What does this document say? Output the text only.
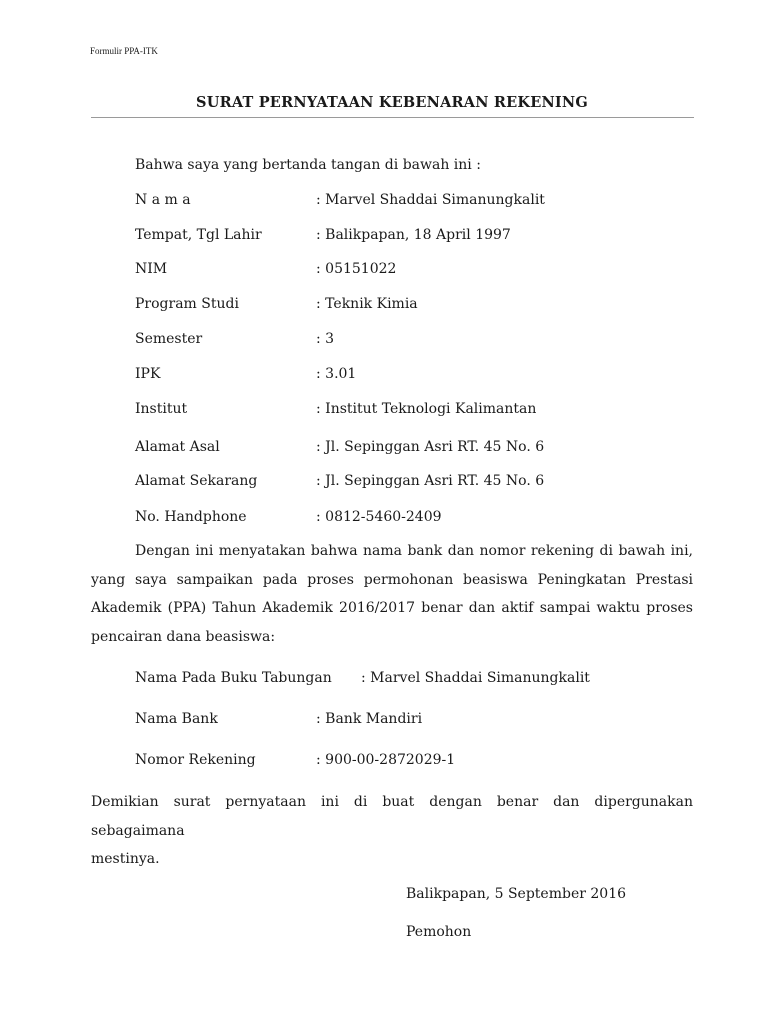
Formulir PPA-ITK
SURAT PERNYATAAN KEBENARAN REKENING
Bahwa saya yang bertanda tangan di bawah ini :
N a m a	: Marvel Shaddai Simanungkalit
Tempat, Tgl Lahir	: Balikpapan, 18 April 1997
NIM	: 05151022
Program Studi	: Teknik Kimia
Semester	: 3
IPK	: 3.01
Institut	: Institut Teknologi Kalimantan
Alamat Asal	: Jl. Sepinggan Asri RT. 45 No. 6
Alamat Sekarang	: Jl. Sepinggan Asri RT. 45 No. 6
No. Handphone	: 0812-5460-2409
Dengan ini menyatakan bahwa nama bank dan nomor rekening di bawah ini,
yang saya sampaikan pada proses permohonan beasiswa Peningkatan Prestasi
Akademik (PPA) Tahun Akademik 2016/2017 benar dan aktif sampai waktu proses
pencairan dana beasiswa:
Nama Pada Buku Tabungan : Marvel Shaddai Simanungkalit
Nama Bank	: Bank Mandiri
Nomor Rekening	: 900-00-2872029-1
Demikian surat pernyataan ini di buat dengan benar dan dipergunakan sebagaimana
mestinya.
Balikpapan, 5 September 2016
Pemohon
